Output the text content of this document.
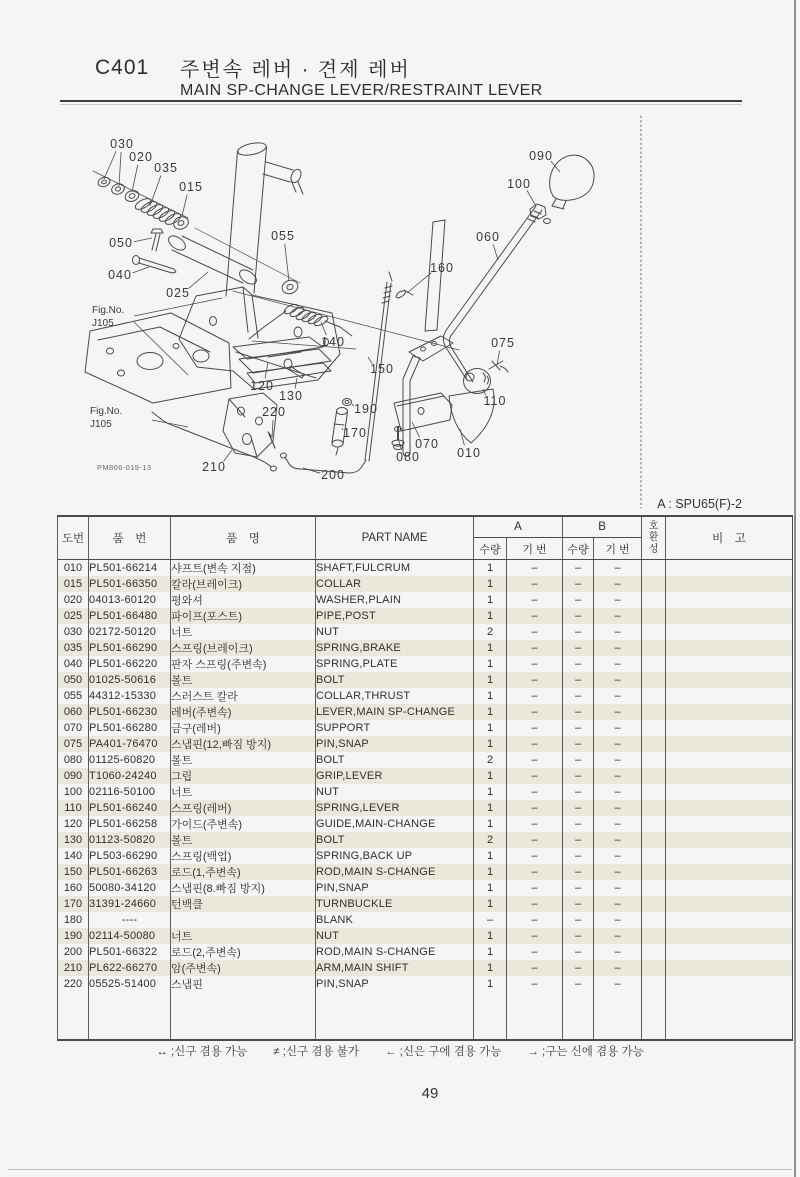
C401 주변속 레버 · 견제 레버
MAIN SP-CHANGE LEVER/RESTRAINT LEVER
030
020
035
015
050
040
025
055
140
120
130
220
210
200
170
190
150
160
060
100
090
075
110
010
070
080
Fig.No.
J105
Fig.No.
J105
PM806-019-13
A : SPU65(F)-2
도번	품　번	품　명	PART NAME	A		B		호환성	비　고
				수량	기 번	수량	기 번		
010	PL501-66214	샤프트(변속 지점)	SHAFT,FULCRUM	1	–	–	–		
015	PL501-66350	칼라(브레이크)	COLLAR	1	–	–	–		
020	04013-60120	평와셔	WASHER,PLAIN	1	–	–	–		
025	PL501-66480	파이프(포스트)	PIPE,POST	1	–	–	–		
030	02172-50120	너트	NUT	2	–	–	–		
035	PL501-66290	스프링(브레이크)	SPRING,BRAKE	1	–	–	–		
040	PL501-66220	판자 스프링(주변속)	SPRING,PLATE	1	–	–	–		
050	01025-50616	볼트	BOLT	1	–	–	–		
055	44312-15330	스러스트 칼라	COLLAR,THRUST	1	–	–	–		
060	PL501-66230	레버(주변속)	LEVER,MAIN SP-CHANGE	1	–	–	–		
070	PL501-66280	금구(레버)	SUPPORT	1	–	–	–		
075	PA401-76470	스냅핀(12,빠짐 방지)	PIN,SNAP	1	–	–	–		
080	01125-60820	볼트	BOLT	2	–	–	–		
090	T1060-24240	그립	GRIP,LEVER	1	–	–	–		
100	02116-50100	너트	NUT	1	–	–	–		
110	PL501-66240	스프링(레버)	SPRING,LEVER	1	–	–	–		
120	PL501-66258	가이드(주변속)	GUIDE,MAIN-CHANGE	1	–	–	–		
130	01123-50820	볼트	BOLT	2	–	–	–		
140	PL503-66290	스프링(백업)	SPRING,BACK UP	1	–	–	–		
150	PL501-66263	로드(1,주변속)	ROD,MAIN S-CHANGE	1	–	–	–		
160	50080-34120	스냅핀(8.빠짐 방지)	PIN,SNAP	1	–	–	–		
170	31391-24660	턴백클	TURNBUCKLE	1	–	–	–		
180	----		BLANK	–	–	–	–		
190	02114-50080	너트	NUT	1	–	–	–		
200	PL501-66322	로드(2,주변속)	ROD,MAIN S-CHANGE	1	–	–	–		
210	PL622-66270	암(주변속)	ARM,MAIN SHIFT	1	–	–	–		
220	05525-51400	스냅핀	PIN,SNAP	1	–	–	–		

↔ ;신구 겸용 가능 ≠ ;신구 겸용 불가 ← ;신은 구에 겸용 가능 → ;구는 신에 겸용 가능
49
